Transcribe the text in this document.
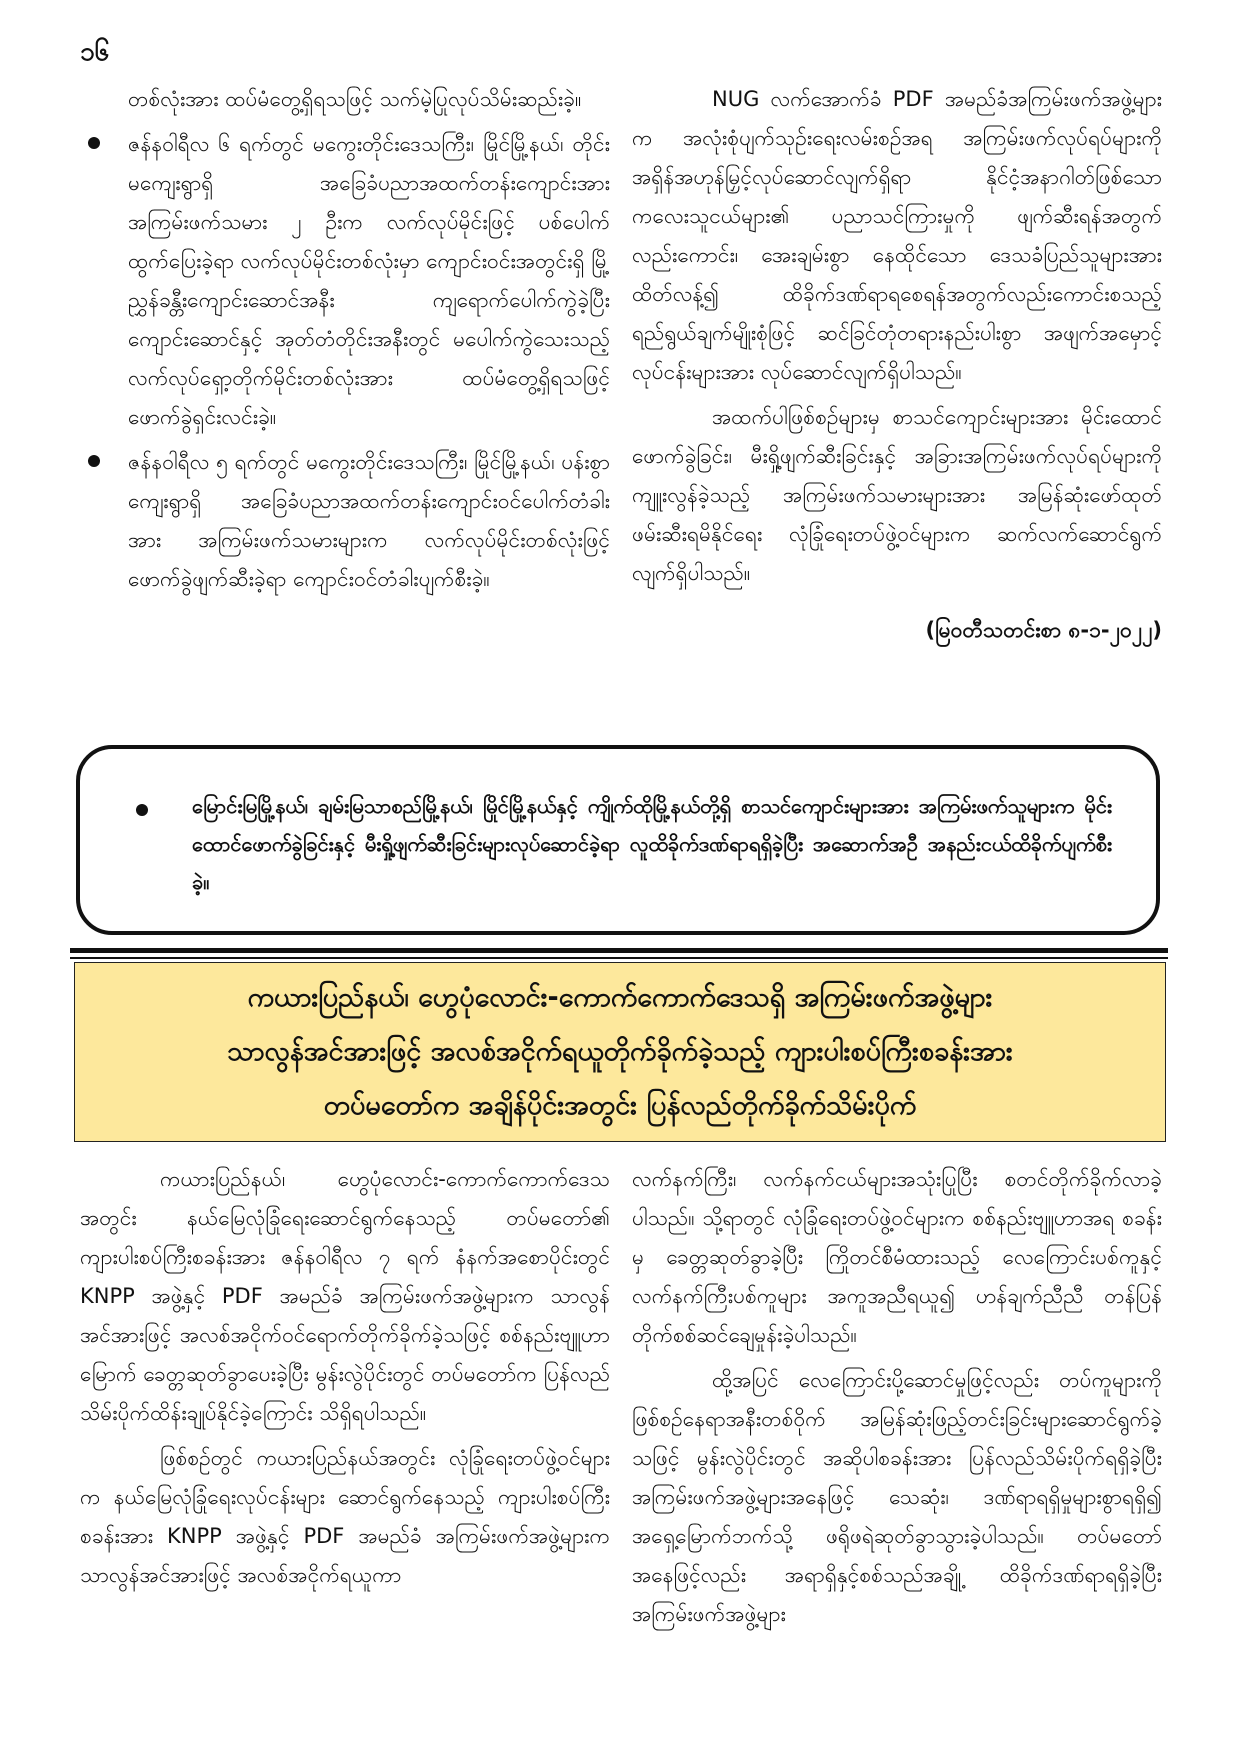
၁၆

တစ်လုံးအား ထပ်မံတွေ့ရှိရသဖြင့် သက်မဲ့ပြုလုပ်သိမ်းဆည်းခဲ့။

ဇန်နဝါရီလ ၆ ရက်တွင် မကွေးတိုင်းဒေသကြီး၊ မြိုင်မြို့နယ်၊ တိုင်းမကျေးရွာရှိ အခြေခံပညာအထက်တန်းကျောင်းအား အကြမ်းဖက်သမား ၂ ဦးက လက်လုပ်မိုင်းဖြင့် ပစ်ပေါက်ထွက်ပြေးခဲ့ရာ လက်လုပ်မိုင်းတစ်လုံးမှာ ကျောင်းဝင်းအတွင်းရှိ မြို့ညွှန်ခန္တီးကျောင်းဆောင်အနီး ကျရောက်ပေါက်ကွဲခဲ့ပြီး ကျောင်းဆောင်နှင့် အုတ်တံတိုင်းအနီးတွင် မပေါက်ကွဲသေးသည့် လက်လုပ်ရှော့တိုက်မိုင်းတစ်လုံးအား ထပ်မံတွေ့ရှိရသဖြင့် ဖောက်ခွဲရှင်းလင်းခဲ့။
ဇန်နဝါရီလ ၅ ရက်တွင် မကွေးတိုင်းဒေသကြီး၊ မြိုင်မြို့နယ်၊ ပန်းစွာကျေးရွာရှိ အခြေခံပညာအထက်တန်းကျောင်းဝင်ပေါက်တံခါးအား အကြမ်းဖက်သမားများက လက်လုပ်မိုင်းတစ်လုံးဖြင့် ဖောက်ခွဲဖျက်ဆီးခဲ့ရာ ကျောင်းဝင်တံခါးပျက်စီးခဲ့။

NUG လက်အောက်ခံ PDF အမည်ခံအကြမ်းဖက်အဖွဲ့များက အလုံးစုံပျက်သုဉ်းရေးလမ်းစဉ်အရ အကြမ်းဖက်လုပ်ရပ်များကို အရှိန်အဟုန်မြှင့်လုပ်ဆောင်လျက်ရှိရာ နိုင်ငံ့အနာဂါတ်ဖြစ်သော ကလေးသူငယ်များ၏ ပညာသင်ကြားမှုကို ဖျက်ဆီးရန်အတွက်လည်းကောင်း၊ အေးချမ်းစွာ နေထိုင်သော ဒေသခံပြည်သူများအား ထိတ်လန့်၍ ထိခိုက်ဒဏ်ရာရစေရန်အတွက်လည်းကောင်းစသည့် ရည်ရွယ်ချက်မျိုးစုံဖြင့် ဆင်ခြင်တုံတရားနည်းပါးစွာ အဖျက်အမှောင့်လုပ်ငန်းများအား လုပ်ဆောင်လျက်ရှိပါသည်။

အထက်ပါဖြစ်စဉ်များမှ စာသင်ကျောင်းများအား မိုင်းထောင်ဖောက်ခွဲခြင်း၊ မီးရှို့ဖျက်ဆီးခြင်းနှင့် အခြားအကြမ်းဖက်လုပ်ရပ်များကို ကျူးလွန်ခဲ့သည့် အကြမ်းဖက်သမားများအား အမြန်ဆုံးဖော်ထုတ်ဖမ်းဆီးရမိနိုင်ရေး လုံခြုံရေးတပ်ဖွဲ့ဝင်များက ဆက်လက်ဆောင်ရွက်လျက်ရှိပါသည်။

(မြဝတီသတင်းစာ ၈-၁-၂၀၂၂)
မြောင်းမြမြို့နယ်၊ ချမ်းမြသာစည်မြို့နယ်၊ မြိုင်မြို့နယ်နှင့် ကျိုက်ထိုမြို့နယ်တို့ရှိ စာသင်ကျောင်းများအား အကြမ်းဖက်သူများက မိုင်းထောင်ဖောက်ခွဲခြင်းနှင့် မီးရှို့ဖျက်ဆီးခြင်းများလုပ်ဆောင်ခဲ့ရာ လူထိခိုက်ဒဏ်ရာရရှိခဲ့ပြီး အဆောက်အဦ အနည်းငယ်ထိခိုက်ပျက်စီးခဲ့။
ကယားပြည်နယ်၊ ဟွေပုံလောင်း-ကောက်ကောက်ဒေသရှိ အကြမ်းဖက်အဖွဲ့များ
သာလွန်အင်အားဖြင့် အလစ်အငိုက်ရယူတိုက်ခိုက်ခဲ့သည့် ကျားပါးစပ်ကြီးစခန်းအား
တပ်မတော်က အချိန်ပိုင်းအတွင်း ပြန်လည်တိုက်ခိုက်သိမ်းပိုက်

ကယားပြည်နယ်၊ ဟွေပုံလောင်း-ကောက်ကောက်ဒေသအတွင်း နယ်မြေလုံခြုံရေးဆောင်ရွက်နေသည့် တပ်မတော်၏ ကျားပါးစပ်ကြီးစခန်းအား ဇန်နဝါရီလ ၇ ရက် နံနက်အစောပိုင်းတွင် KNPP အဖွဲ့နှင့် PDF အမည်ခံ အကြမ်းဖက်အဖွဲ့များက သာလွန်အင်အားဖြင့် အလစ်အငိုက်ဝင်ရောက်တိုက်ခိုက်ခဲ့သဖြင့် စစ်နည်းဗျူဟာမြောက် ခေတ္တဆုတ်ခွာပေးခဲ့ပြီး မွန်းလွဲပိုင်းတွင် တပ်မတော်က ပြန်လည်သိမ်းပိုက်ထိန်းချုပ်နိုင်ခဲ့ကြောင်း သိရှိရပါသည်။

ဖြစ်စဉ်တွင် ကယားပြည်နယ်အတွင်း လုံခြုံရေးတပ်ဖွဲ့ဝင်များက နယ်မြေလုံခြုံရေးလုပ်ငန်းများ ဆောင်ရွက်နေသည့် ကျားပါးစပ်ကြီးစခန်းအား KNPP အဖွဲ့နှင့် PDF အမည်ခံ အကြမ်းဖက်အဖွဲ့များက သာလွန်အင်အားဖြင့် အလစ်အငိုက်ရယူကာ

လက်နက်ကြီး၊ လက်နက်ငယ်များအသုံးပြုပြီး စတင်တိုက်ခိုက်လာခဲ့ပါသည်။ သို့ရာတွင် လုံခြုံရေးတပ်ဖွဲ့ဝင်များက စစ်နည်းဗျူဟာအရ စခန်းမှ ခေတ္တဆုတ်ခွာခဲ့ပြီး ကြိုတင်စီမံထားသည့် လေကြောင်းပစ်ကူနှင့် လက်နက်ကြီးပစ်ကူများ အကူအညီရယူ၍ ဟန်ချက်ညီညီ တန်ပြန်တိုက်စစ်ဆင်ချေမှုန်းခဲ့ပါသည်။

ထို့အပြင် လေကြောင်းပို့ဆောင်မှုဖြင့်လည်း တပ်ကူများကို ဖြစ်စဉ်နေရာအနီးတစ်ဝိုက် အမြန်ဆုံးဖြည့်တင်းခြင်းများဆောင်ရွက်ခဲ့သဖြင့် မွန်းလွဲပိုင်းတွင် အဆိုပါစခန်းအား ပြန်လည်သိမ်းပိုက်ရရှိခဲ့ပြီး အကြမ်းဖက်အဖွဲ့များအနေဖြင့် သေဆုံး၊ ဒဏ်ရာရရှိမှုများစွာရရှိ၍ အရှေ့မြောက်ဘက်သို့ ဖရိုဖရဲဆုတ်ခွာသွားခဲ့ပါသည်။ တပ်မတော်အနေဖြင့်လည်း အရာရှိနှင့်စစ်သည်အချို့ ထိခိုက်ဒဏ်ရာရရှိခဲ့ပြီး အကြမ်းဖက်အဖွဲ့များ
